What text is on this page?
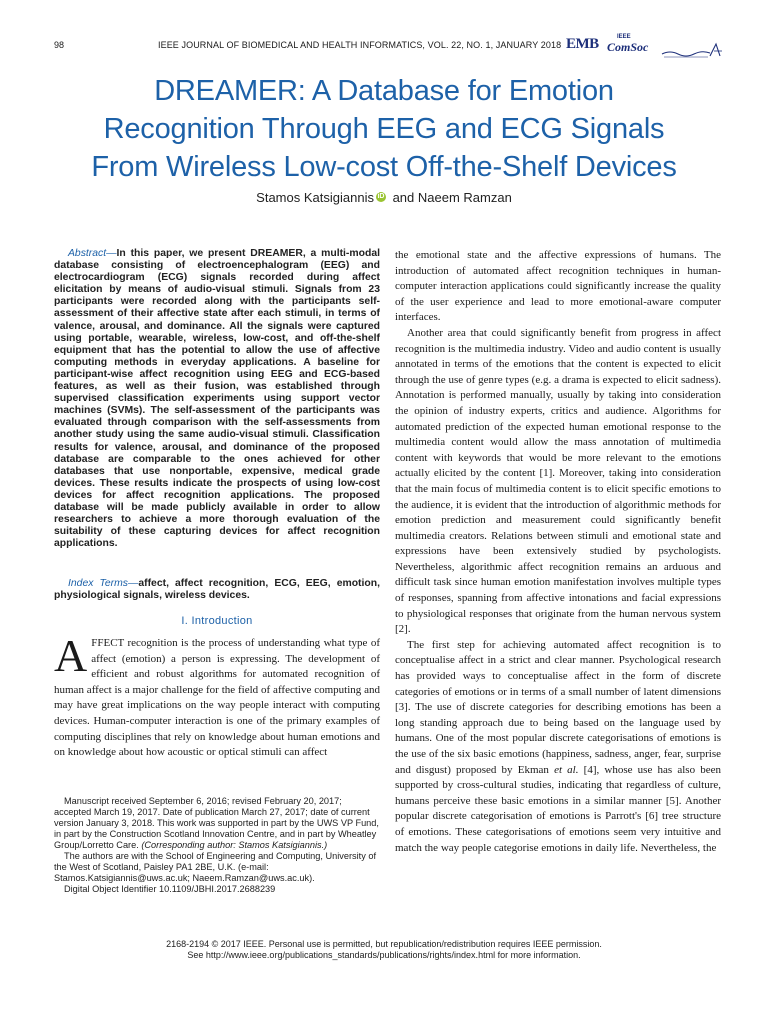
98	IEEE JOURNAL OF BIOMEDICAL AND HEALTH INFORMATICS, VOL. 22, NO. 1, JANUARY 2018 EMB	IEEE
ComSoc
DREAMER: A Database for Emotion
Recognition Through EEG and ECG Signals
From Wireless Low-cost Off-the-Shelf Devices
Stamos Katsigiannis iD and Naeem Ramzan

Abstract—In this paper, we present DREAMER, a multi-modal database consisting of electroencephalogram (EEG) and electrocardiogram (ECG) signals recorded during affect elicitation by means of audio-visual stimuli. Signals from 23 participants were recorded along with the participants self-assessment of their affective state after each stimuli, in terms of valence, arousal, and dominance. All the signals were captured using portable, wearable, wireless, low-cost, and off-the-shelf equipment that has the potential to allow the use of affective computing methods in everyday applications. A baseline for participant-wise affect recognition using EEG and ECG-based features, as well as their fusion, was established through supervised classification experiments using support vector machines (SVMs). The self-assessment of the participants was evaluated through comparison with the self-assessments from another study using the same audio-visual stimuli. Classification results for valence, arousal, and dominance of the proposed database are comparable to the ones achieved for other databases that use nonportable, expensive, medical grade devices. These results indicate the prospects of using low-cost devices for affect recognition applications. The proposed database will be made publicly available in order to allow researchers to achieve a more thorough evaluation of the suitability of these capturing devices for affect recognition applications.

Index Terms—affect, affect recognition, ECG, EEG, emotion, physiological signals, wireless devices.

I. Introduction

AFFECT recognition is the process of understanding what type of affect (emotion) a person is expressing. The development of efficient and robust algorithms for automated recognition of human affect is a major challenge for the field of affective computing and may have great implications on the way people interact with computing devices. Human-computer interaction is one of the primary examples of computing disciplines that rely on knowledge about human emotions and on knowledge about how acoustic or optical stimuli can affect

Manuscript received September 6, 2016; revised February 20, 2017; accepted March 19, 2017. Date of publication March 27, 2017; date of current version January 3, 2018. This work was supported in part by the UWS VP Fund, in part by the Construction Scotland Innovation Centre, and in part by Wheatley Group/Lorretto Care. (Corresponding author: Stamos Katsigiannis.)

The authors are with the School of Engineering and Computing, University of the West of Scotland, Paisley PA1 2BE, U.K. (e-mail: Stamos.Katsigiannis@uws.ac.uk; Naeem.Ramzan@uws.ac.uk).

Digital Object Identifier 10.1109/JBHI.2017.2688239

the emotional state and the affective expressions of humans. The introduction of automated affect recognition techniques in human-computer interaction applications could significantly increase the quality of the user experience and lead to more emotional-aware computer interfaces.

Another area that could significantly benefit from progress in affect recognition is the multimedia industry. Video and audio content is usually annotated in terms of the emotions that the content is expected to elicit through the use of genre types (e.g. a drama is expected to elicit sadness). Annotation is performed manually, usually by taking into consideration the opinion of industry experts, critics and audience. Algorithms for automated prediction of the expected human emotional response to the multimedia content would allow the mass annotation of multimedia content with keywords that would be more relevant to the emotions actually elicited by the content [1]. Moreover, taking into consideration that the main focus of multimedia content is to elicit specific emotions to the audience, it is evident that the introduction of algorithmic methods for emotion prediction and measurement could significantly benefit multimedia creators. Relations between stimuli and emotional state and expressions have been extensively studied by psychologists. Nevertheless, algorithmic affect recognition remains an arduous and difficult task since human emotion manifestation involves multiple types of responses, spanning from affective intonations and facial expressions to physiological responses that originate from the human nervous system [2].

The first step for achieving automated affect recognition is to conceptualise affect in a strict and clear manner. Psychological research has provided ways to conceptualise affect in the form of discrete categories of emotions or in terms of a small number of latent dimensions [3]. The use of discrete categories for describing emotions has been a long standing approach due to being based on the language used by humans. One of the most popular discrete categorisations of emotions is the use of the six basic emotions (happiness, sadness, anger, fear, surprise and disgust) proposed by Ekman et al. [4], whose use has also been supported by cross-cultural studies, indicating that regardless of culture, humans perceive these basic emotions in a similar manner [5]. Another popular discrete categorisation of emotions is Parrott's [6] tree structure of emotions. These categorisations of emotions seem very intuitive and match the way people categorise emotions in daily life. Nevertheless, the

2168-2194 © 2017 IEEE. Personal use is permitted, but republication/redistribution requires IEEE permission.
See http://www.ieee.org/publications_standards/publications/rights/index.html for more information.
